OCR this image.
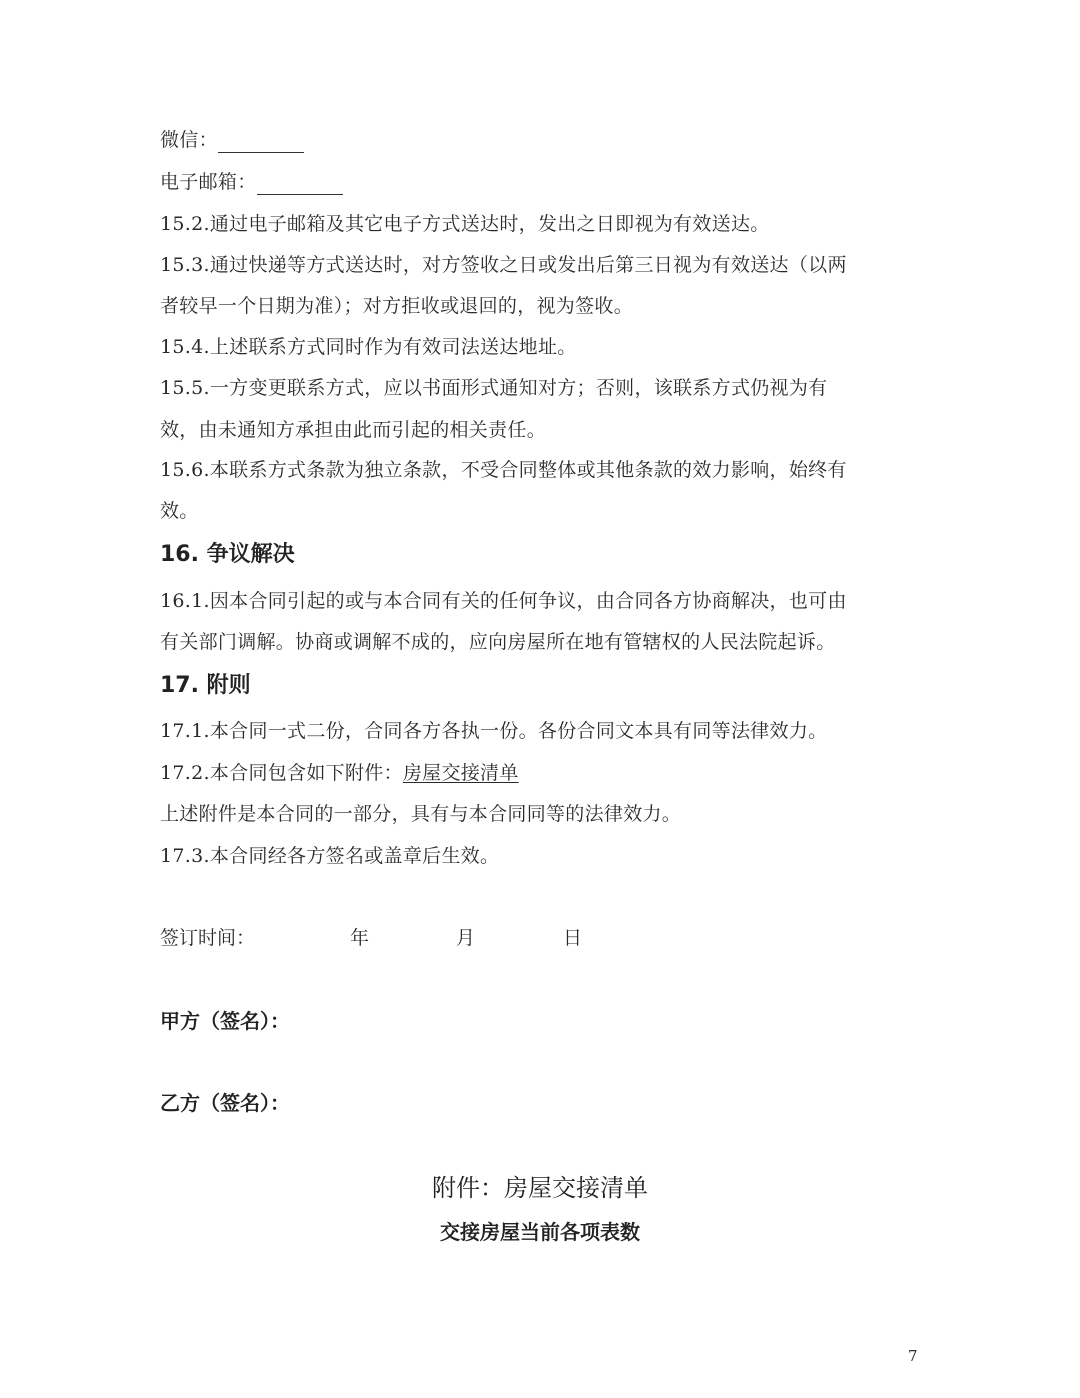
微信：
电子邮箱：
15.2.通过电子邮箱及其它电子方式送达时，发出之日即视为有效送达。
15.3.通过快递等方式送达时，对方签收之日或发出后第三日视为有效送达（以两
者较早一个日期为准）；对方拒收或退回的，视为签收。
15.4.上述联系方式同时作为有效司法送达地址。
15.5.一方变更联系方式，应以书面形式通知对方；否则，该联系方式仍视为有
效，由未通知方承担由此而引起的相关责任。
15.6.本联系方式条款为独立条款，不受合同整体或其他条款的效力影响，始终有
效。
16. 争议解决
16.1.因本合同引起的或与本合同有关的任何争议，由合同各方协商解决，也可由
有关部门调解。协商或调解不成的，应向房屋所在地有管辖权的人民法院起诉。
17. 附则
17.1.本合同一式二份，合同各方各执一份。各份合同文本具有同等法律效力。
17.2.本合同包含如下附件：房屋交接清单
上述附件是本合同的一部分，具有与本合同同等的法律效力。
17.3.本合同经各方签名或盖章后生效。
签订时间：	年	月	日
甲方（签名）：
乙方（签名）：
附件：房屋交接清单
交接房屋当前各项表数
7
